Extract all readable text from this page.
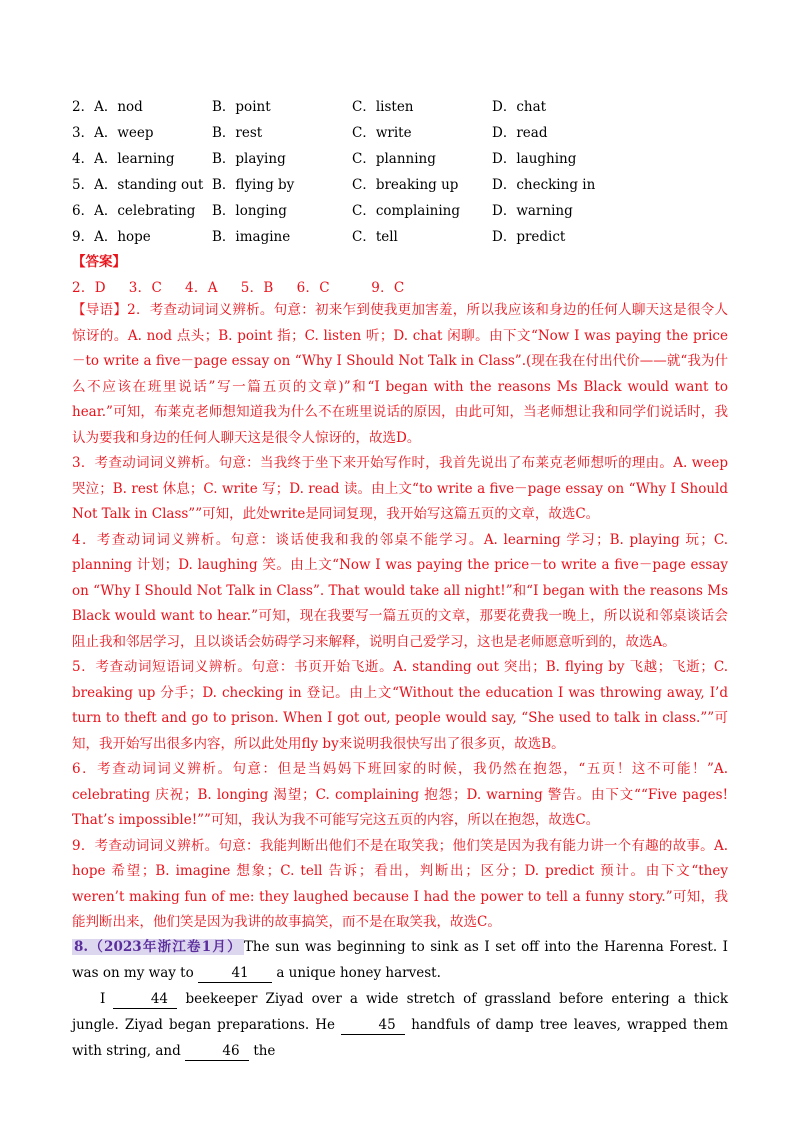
2．A．nod	B．point	C．listen	D．chat
3．A．weep	B．rest	C．write	D．read
4．A．learning	B．playing	C．planning	D．laughing
5．A．standing out B．flying by	C．breaking up D．checking in
6．A．celebrating B．longing	C．complaining D．warning
9．A．hope	B．imagine	C．tell	D．predict
【答案】
2．D     3．C     4．A     5．B     6．C         9．C

【导语】2．考查动词词义辨析。句意：初来乍到使我更加害羞，所以我应该和身边的任何人聊天这是很令人惊讶的。A. nod 点头；B. point 指；C. listen 听；D. chat 闲聊。由下文“Now I was paying the price－to write a five－page essay on “Why I Should Not Talk in Class”.(现在我在付出代价——就“我为什么不应该在班里说话”写一篇五页的文章)”和“I began with the reasons Ms Black would want to hear.”可知，布莱克老师想知道我为什么不在班里说话的原因，由此可知，当老师想让我和同学们说话时，我认为要我和身边的任何人聊天这是很令人惊讶的，故选D。

3．考查动词词义辨析。句意：当我终于坐下来开始写作时，我首先说出了布莱克老师想听的理由。A. weep 哭泣；B. rest 休息；C. write 写；D. read 读。由上文“to write a five－page essay on “Why I Should Not Talk in Class””可知，此处write是同词复现，我开始写这篇五页的文章，故选C。

4．考查动词词义辨析。句意：谈话使我和我的邻桌不能学习。A. learning 学习；B. playing 玩；C. planning 计划；D. laughing 笑。由上文“Now I was paying the price－to write a five－page essay on “Why I Should Not Talk in Class”. That would take all night!”和“I began with the reasons Ms Black would want to hear.”可知，现在我要写一篇五页的文章，那要花费我一晚上，所以说和邻桌谈话会阻止我和邻居学习，且以谈话会妨碍学习来解释，说明自己爱学习，这也是老师愿意听到的，故选A。

5．考查动词短语词义辨析。句意：书页开始飞逝。A. standing out 突出；B. flying by 飞越；飞逝；C. breaking up 分手；D. checking in 登记。由上文“Without the education I was throwing away, I’d turn to theft and go to prison. When I got out, people would say, “She used to talk in class.””可知，我开始写出很多内容，所以此处用fly by来说明我很快写出了很多页，故选B。

6．考查动词词义辨析。句意：但是当妈妈下班回家的时候，我仍然在抱怨，“五页！这不可能！”A. celebrating 庆祝；B. longing 渴望；C. complaining 抱怨；D. warning 警告。由下文““Five pages! That’s impossible!””可知，我认为我不可能写完这五页的内容，所以在抱怨，故选C。

9．考查动词词义辨析。句意：我能判断出他们不是在取笑我；他们笑是因为我有能力讲一个有趣的故事。A. hope 希望；B. imagine 想象；C. tell 告诉；看出，判断出；区分；D. predict 预计。由下文“they weren’t making fun of me: they laughed because I had the power to tell a funny story.”可知，我能判断出来，他们笑是因为我讲的故事搞笑，而不是在取笑我，故选C。

8.（2023年浙江卷1月） The sun was beginning to sink as I set off into the Harenna Forest. I was on my way to	41 a unique honey harvest.

I	44 beekeeper Ziyad over a wide stretch of grassland before entering a thick jungle. Ziyad began preparations. He	45 handfuls of damp tree leaves, wrapped them with string, and	46 the
